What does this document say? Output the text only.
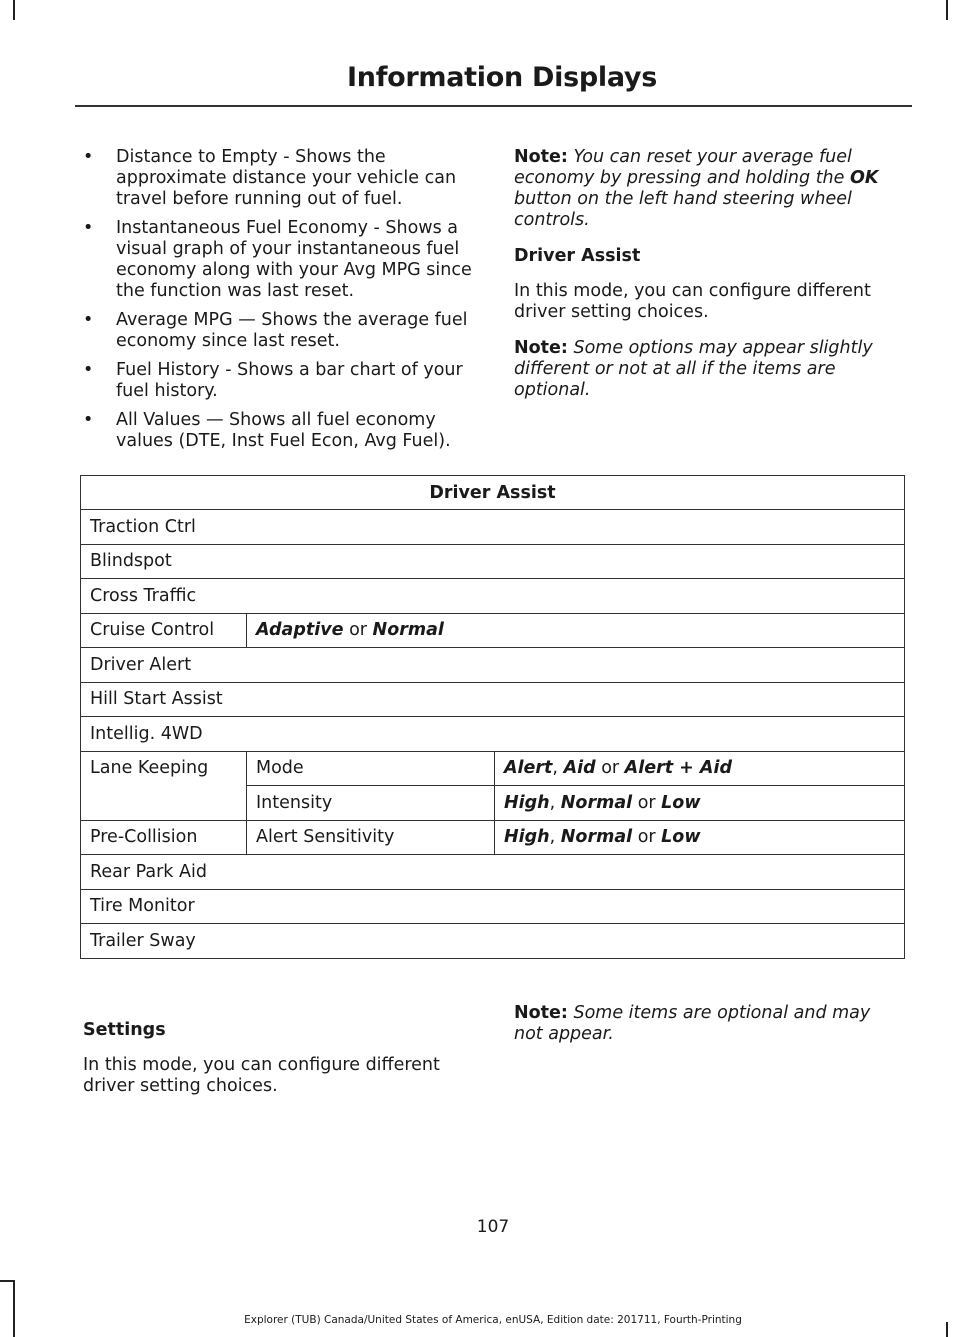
Information Displays
• Distance to Empty - Shows the approximate distance your vehicle can travel before running out of fuel.
• Instantaneous Fuel Economy - Shows a visual graph of your instantaneous fuel economy along with your Avg MPG since the function was last reset.
• Average MPG — Shows the average fuel economy since last reset.
• Fuel History - Shows a bar chart of your fuel history.
• All Values — Shows all fuel economy values (DTE, Inst Fuel Econ, Avg Fuel).

Note: You can reset your average fuel economy by pressing and holding the OK button on the left hand steering wheel controls.

Driver Assist

In this mode, you can configure different driver setting choices.

Note: Some options may appear slightly different or not at all if the items are optional.

Driver Assist		
Traction Ctrl		
Blindspot		
Cross Traffic		
Cruise Control	Adaptive or Normal	
Driver Alert		
Hill Start Assist		
Intellig. 4WD		
Lane Keeping	Mode	Alert, Aid or Alert + Aid
	Intensity	High, Normal or Low
Pre-Collision	Alert Sensitivity	High, Normal or Low
Rear Park Aid		
Tire Monitor		
Trailer Sway		

Settings

In this mode, you can configure different driver setting choices.

Note: Some items are optional and may not appear.

107
Explorer (TUB) Canada/United States of America, enUSA, Edition date: 201711, Fourth-Printing
